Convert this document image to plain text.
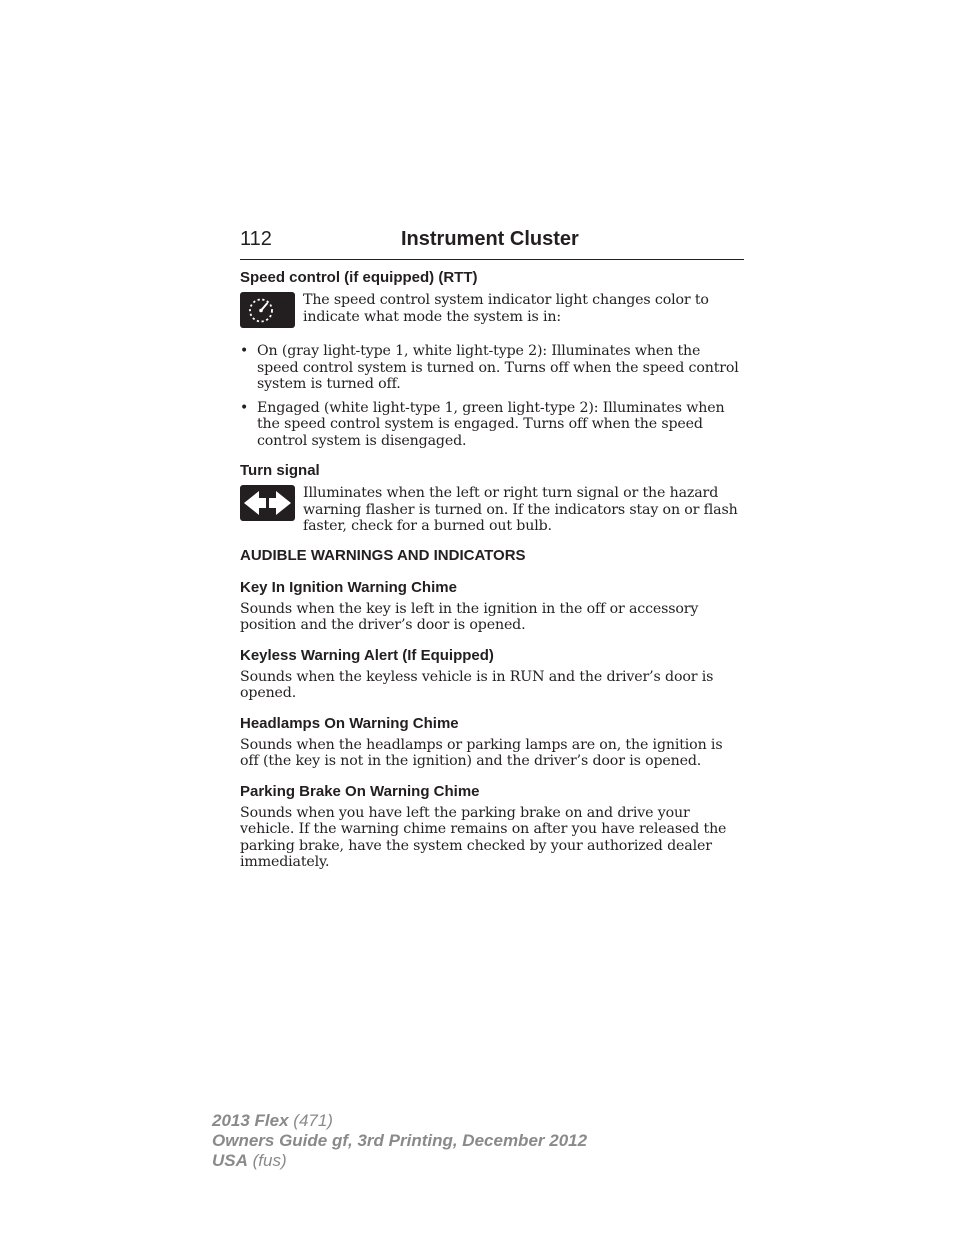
112	Instrument Cluster

Speed control (if equipped) (RTT)

The speed control system indicator light changes color to indicate what mode the system is in:

• On (gray light-type 1, white light-type 2): Illuminates when the speed control system is turned on. Turns off when the speed control system is turned off.

• Engaged (white light-type 1, green light-type 2): Illuminates when the speed control system is engaged. Turns off when the speed control system is disengaged.

Turn signal

Illuminates when the left or right turn signal or the hazard warning flasher is turned on. If the indicators stay on or flash faster, check for a burned out bulb.

AUDIBLE WARNINGS AND INDICATORS

Key In Ignition Warning Chime

Sounds when the key is left in the ignition in the off or accessory position and the driver’s door is opened.

Keyless Warning Alert (If Equipped)

Sounds when the keyless vehicle is in RUN and the driver’s door is opened.

Headlamps On Warning Chime

Sounds when the headlamps or parking lamps are on, the ignition is off (the key is not in the ignition) and the driver’s door is opened.

Parking Brake On Warning Chime

Sounds when you have left the parking brake on and drive your vehicle. If the warning chime remains on after you have released the parking brake, have the system checked by your authorized dealer immediately.

2013 Flex (471)
Owners Guide gf, 3rd Printing, December 2012
USA (fus)
